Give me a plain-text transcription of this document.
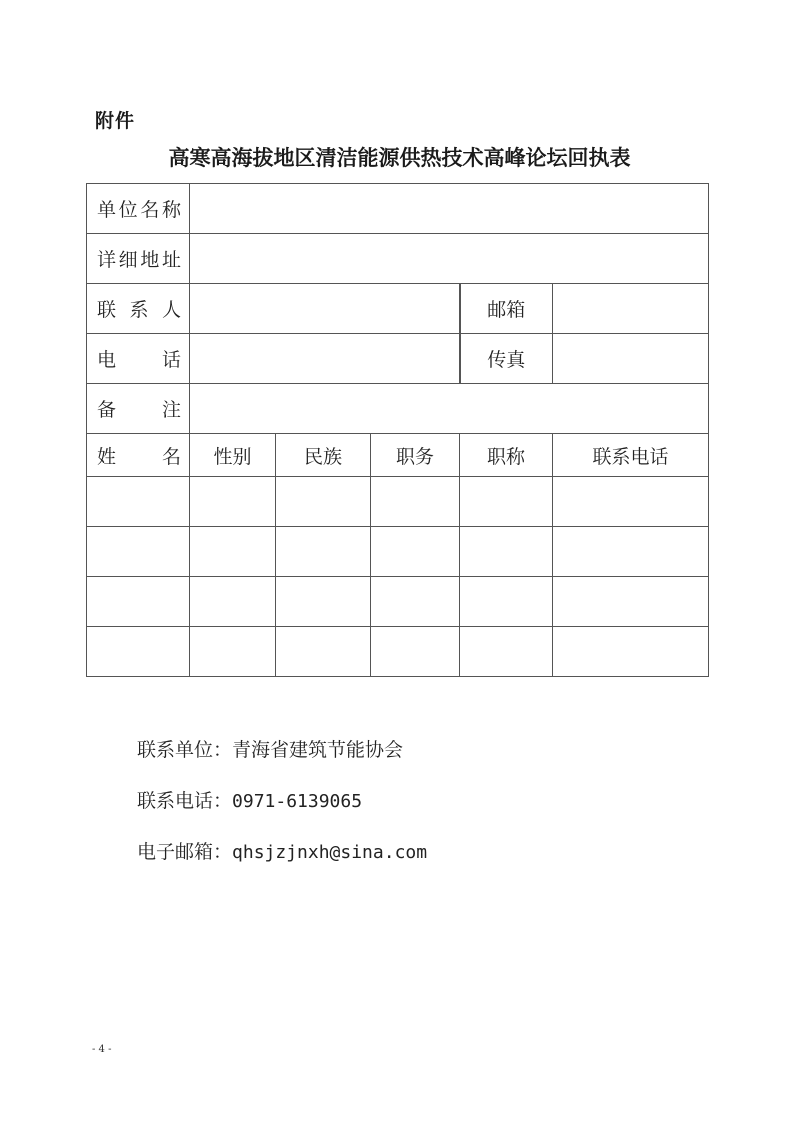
附件
高寒高海拔地区清洁能源供热技术高峰论坛回执表
单 位 名 称					

详 细 地 址					

联 系 人				邮箱	

电 话				传真	

备 注					

姓 名	性别	民族	职务	职称	联系电话

联系单位：青海省建筑节能协会
联系电话：0971-6139065
电子邮箱：qhsjzjnxh@sina.com
- 4 -
